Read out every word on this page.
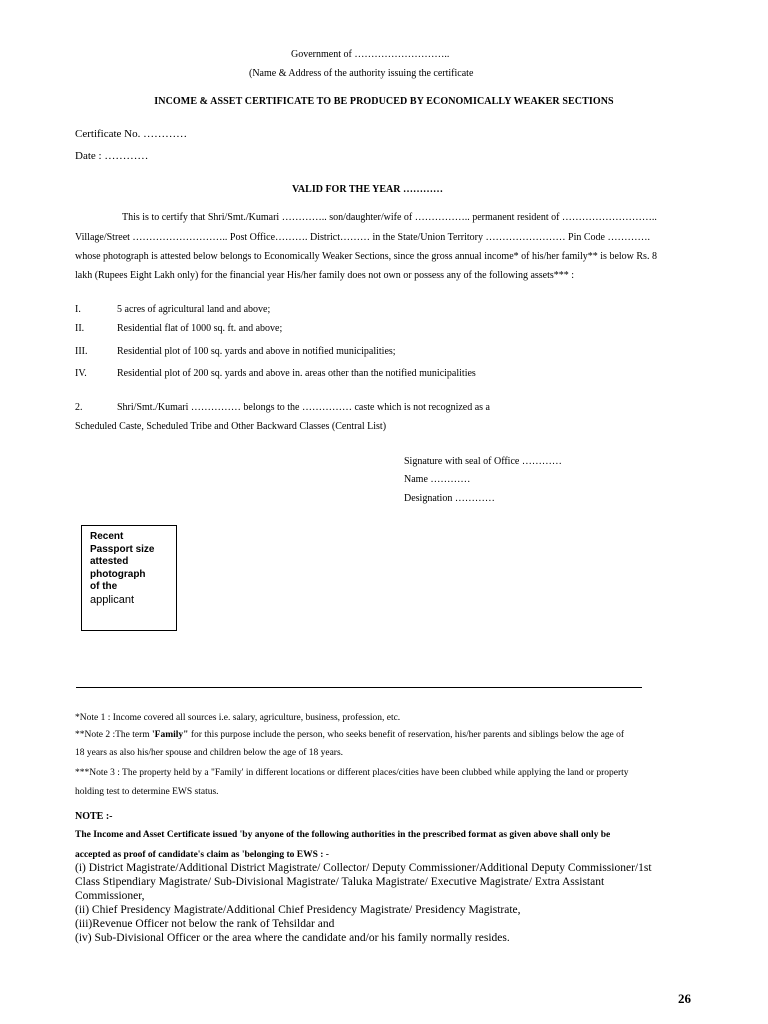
Government of ………………………..
(Name & Address of the authority issuing the certificate
INCOME & ASSET CERTIFICATE TO BE PRODUCED BY ECONOMICALLY WEAKER SECTIONS
Certificate No. …………
Date : …………
VALID FOR THE YEAR …………
This is to certify that Shri/Smt./Kumari ………….. son/daughter/wife of …………….. permanent resident of ………………………..
Village/Street ……………………….. Post Office………. District……… in the State/Union Territory …………………… Pin Code ………….
whose photograph is attested below belongs to Economically Weaker Sections, since the gross annual income* of his/her family** is below Rs. 8
lakh (Rupees Eight Lakh only) for the financial year His/her family does not own or possess any of the following assets*** :
I.	5 acres of agricultural land and above;
II.	Residential flat of 1000 sq. ft. and above;
III.	Residential plot of 100 sq. yards and above in notified municipalities;
IV.	Residential plot of 200 sq. yards and above in. areas other than the notified municipalities
2.	Shri/Smt./Kumari …………… belongs to the …………… caste which is not recognized as a
Scheduled Caste, Scheduled Tribe and Other Backward Classes (Central List)
Signature with seal of Office …………
Name …………
Designation …………
Recent
Passport size
attested
photograph
of the
applicant
*Note 1 : Income covered all sources i.e. salary, agriculture, business, profession, etc.
**Note 2 :The term 'Family" for this purpose include the person, who seeks benefit of reservation, his/her parents and siblings below the age of
18 years as also his/her spouse and children below the age of 18 years.
***Note 3 : The property held by a "Family' in different locations or different places/cities have been clubbed while applying the land or property
holding test to determine EWS status.
NOTE :-
The Income and Asset Certificate issued 'by anyone of the following authorities in the prescribed format as given above shall only be
accepted as proof of candidate's claim as 'belonging to EWS : -
(i) District Magistrate/Additional District Magistrate/ Collector/ Deputy Commissioner/Additional Deputy Commissioner/1st
Class Stipendiary Magistrate/ Sub-Divisional Magistrate/ Taluka Magistrate/ Executive Magistrate/ Extra Assistant
Commissioner,
(ii) Chief Presidency Magistrate/Additional Chief Presidency Magistrate/ Presidency Magistrate,
(iii)Revenue Officer not below the rank of Tehsildar and
(iv) Sub-Divisional Officer or the area where the candidate and/or his family normally resides.
26
